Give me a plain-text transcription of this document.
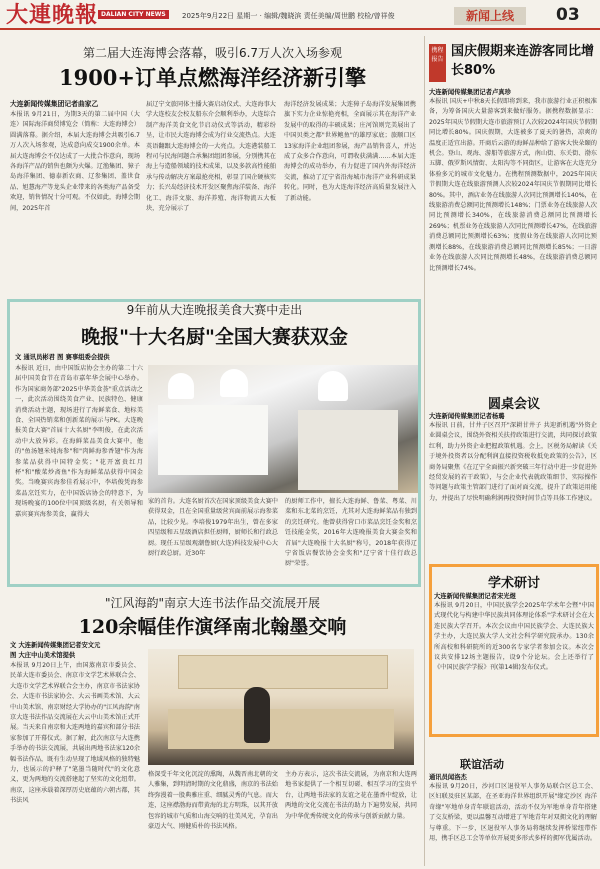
大連晚報 DALIAN CITY NEWS	2025年9月22日 星期一 · 编辑/魏晓滨 责任美编/周世鹏 校检/曾祥俊	新闻上线	03
第二届大连海博会落幕，吸引6.7万人次入场参观
1900+订单点燃海洋经济新引擎
大连新闻传媒集团记者曲家乙
本报讯 9月21日，为期3天的第二届中国（大连）国际海洋商贸博览会（简称：大连海博会）圆满落幕。据介绍，本届大连海博会共吸引6.7万人次入场参观，达成意向成交1900余单。本届大连海博会不仅达成了一大批合作意向，现场各海洋产品的销售也颇为火爆。辽渔集团、獐子岛海洋集团、德泰新农商、辽参集团、盖世食品、旭慧海产等龙头企业带来的各类海产品备受欢迎，销售情况十分可观。不仅如此，海博会期间，2025年首
届辽宁文旅同体主播大赛启动仪式、大连海事大学大连校友会校友船东介会顺利举办，大连综合制产海洋美食文化节启动仪式等活动，精彩纷呈，让市民大连海博会成为行业交流热点。大连英语翻跟大连海博会的一大亮点。大连港装船工程司与民海问题合承集团组团参展，分别携其在海上与造船领域的技术成果，以及多款高性能舶承与传动解决方案最抢亮相，彰显了国企硬核实力；长兴岛经济技术开发区聚焦海洋装备、海洋化工、海洋文旅、海洋养殖、海洋物流五大板块，充分展示了
海洋经济发展成果；大连獐子岛海洋发展集团携旗下实力企业惊艳亮相，全面展示其在海洋产业发展中的取得的丰硕成果；庄河馆则完美展出了中国贝类之都"世界鲍鱼"的雄厚家底；旅顺口区13家海洋企业组团参展，海产品销售喜人，并达成了众多合作意向，可谓收获满满……本届大连海博会的成功举办，有力促进了国内外海洋经济交流，推动了辽宁省沿海城市海洋产业科研成果转化。同时，也为大连海洋经济高质量发展注入了新动能。
9年前从大连晚报美食大赛中走出
晚报"十大名厨"全国大赛获双金
文 通讯员彬君 图 赛事组委会提供
本报讯 近日，由中国饭店协会主办的第二十六届中国美食节在青岛市嘉年华会展中心举办。作为国家商务部"2025中华美食荟"重点活动之一，此次活动围绕美食产业、民族特色、健康消费活动主题，现场进行了海鲜菜食、地标美食、全国热销菜和创新菜的展示与PK。大连晚报美食大赛"首届十大名厨"李明俊，在此次活动中大放异彩。在海鲜菜品美食大赛中，他的"鱼汤翘米炖海参"和"肉鲜海参香翅"作为海参菜品获得中国特金奖；"花开富贵红月杯"和"酸菜炒斋鱼"作为海鲜菜品获得中国金奖。当晚赛宾海参佳肴展示中，李培俊凭海参菜品烹饪实力，在中国饭店协会的特意下，为现场晚宴的100位中国顶级名厨，有关领导和嘉宾赛宾海参美食，赢得大
家的首肯。大连名厨首次在国家顶级美食大赛中获得双金，且在全国重量级营宾面前展示海参菜品，比较少见。李培俊1979年出生，曾在多家四星级和五星级酒店担任厨师，厨师长和行政总厨。现任五星级观潮鲁厨(大连)科技发展中心大厨行政总厨。近30年
的厨师工作中，擅长大连海鲜、鲁菜、粤菜、川菜和东北菜的烹饪，尤其对大连海鲜菜品有独到的烹饪研究。他曾获得营口市菜品烹饪金奖和烹饪技能金奖，2016年大连晚报美食大赛金奖和首届"大连晚报十大名厨"称号，2018年获得辽宁省饭店餐饮协会金奖和"辽宁省十佳行政总厨"荣誉。
"江风海韵"南京大连书法作品交流展开展
120余幅佳作演绎南北翰墨交响
文 大连新闻传媒集团记者安文元
图 大庄中山美术馆提供
本报讯 9月20日上午，由国蒸南京市委员会、民革大连市委员会、南京市文学艺术界联合会、大连市文学艺术界联合会主办，南京市书法家协会、大连市书法家协会、大云书画美术馆、大云中山美术馆、南京财经大学协办的"江风海韵"南京大连书法作品交流展在大云中山美术馆正式开展。当天来自南京和大连两地的嘉宾和部分书法家参加了开幕仪式。据了解，此次南京与大连携手举办的书法交流展，共展出两地书法家120余幅书法作品，既有生动呈现了地域风格的独特魅力，也展示的沪释了"笔墨当随时代"的文化意义，更为两地的交流搭建起了坚实的文化纽带。南京，这座承载着深厚历史底蕴的六朝古都，其书法风
格深受千年文化沉淀的熏陶，从魏晋南北朝的文人雅集，到明清时期的文化鼎盛，南京的书法始终弥漫着一股典雅庄重、细腻灵秀的气息。而大连，这座襟渤海而带黄海的北方明珠，以其开放包容的城市气质和山海交响的壮美风光，孕育出豪迈大气、刚健质朴的书法风格。
主办方表示，这次书法交流展，为南京和大连两地书家提供了一个相互切磋、相互学习的宝贵平台，让两地书法家的友谊之花在墨香中绽放，让两地的文化交流在书法的助力下遍势发展，共同为中华优秀传统文化的传承与创新贡献力量。
携程 报告
国庆假期来连游客同比增长80%
大连新闻传媒集团记者卢真珍
本报讯 国庆+中秋8天长假即将到来，我市旅游行业正积极准备，为筹备国庆大量游客到来做好服务。据携程数据显示：2025年国庆节假期大连市旅游预订人次较2024年国庆节假期同比增长80%。国庆假期，大连被多了夏天的暑热，凉爽的温度正适宜出游。开商后云游的海鲜品种给了游客大快朵颐的机会。登山、观海、游船等旅游方式，南山街、东关街、渤东五脚、俄罗斯风情街、太阳沟等不同街区，让游客在大连充分体验多元的城市文化魅力。在携程预测数据中，2025年国庆节假期大连在线旅游预测人次较2024年国庆节假期同比增长80%。其中，酒店业务在线旅游人次同比预测增长140%，在线旅游消费总额同比预测增长148%；门票业务在线旅游人次同比预测增长340%，在线旅游消费总额同比预测增长269%；机票业务在线旅游人次同比预测增长47%，在线旅游消费总额同比预测增长63%；度假业务在线旅游人次同比预测增长88%，在线旅游消费总额同比预测增长85%；一日游业务在线旅游人次同比预测增长48%，在线旅游消费总额同比预测增长74%。
圆桌会议
大连新闻传媒集团记者杨璐
本报讯 日前，甘井子区召开"深耕甘井子 共迎新机遇"外资企业圆桌会议，围绕外资相关扶持政策进行交流，共同探讨政策红利，助力外资企业把握政策机遇。会上，区税务局解读《关于境外投资者以分配利润直接投资税收抵免政策的公告》，区商务局聚焦《在辽宁全面振兴新突破三年行动中进一步促进外经贸发展的若干政策》，与会企业代表就政策细节、实际操作等问题与政策主管部门进行了面对面交流，提升了政策运用能力，并提出了尽快明确利润再投资时间节点等具体工作建议。
学术研讨
大连新闻传媒集团记者宋光煜
本报讯 9月20日，中国民族学会2025年学术年会暨"中国式现代化与构建中华民族共同体理论体系"学术研讨会在大连民族大学召开。本次会议由中国民族学会、大连民族大学主办，大连民族大学人文社会科学研究院承办。130余所高校和科研院所的近300名专家学者参加会议。本次会议共安排12场主题报告，设9个分论坛。会上还举行了《中国民族学学报》刊(第14辑)发布仪式。
联谊活动
通讯员闻洛杰
本报讯 9月20日，沙河口区退役军人事务局联合区总工会、区妇联及驻区某部，在圣亚海洋世界组织开展"缘定沙区 海洋奇缘"军地单身青年联谊活动，活动不仅为军地单身青年搭建了交友桥梁，更以温馨互动增进了军地青年对双拥文化的理解与尊重。下一步，区退役军人事务局将继续发挥桥梁纽带作用，携手区总工会等单位开展更多形式多样的拥军优属活动。
